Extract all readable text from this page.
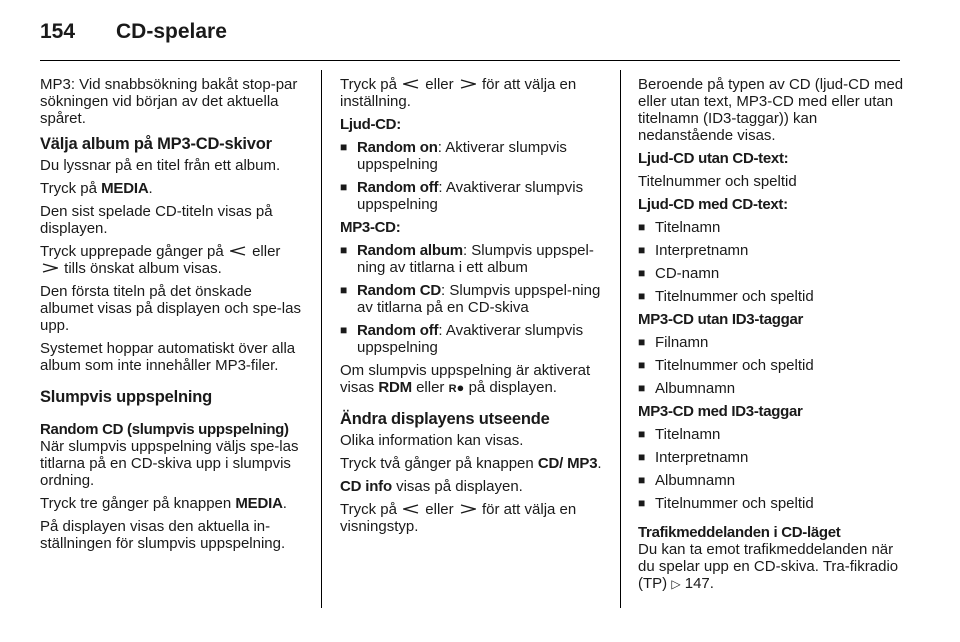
154	CD-spelare

MP3: Vid snabbsökning bakåt stop-par sökningen vid början av det aktuella spåret.

Välja album på MP3-CD-skivor

Du lyssnar på en titel från ett album.

Tryck på MEDIA.

Den sist spelade CD-titeln visas på displayen.

Tryck upprepade gånger på eller
tills önskat album visas.

Den första titeln på det önskade albumet visas på displayen och spe-las upp.

Systemet hoppar automatiskt över alla album som inte innehåller MP3-filer.

Slumpvis uppspelning
Random CD (slumpvis uppspelning)

När slumpvis uppspelning väljs spe-las titlarna på en CD-skiva upp i slumpvis ordning.

Tryck tre gånger på knappen MEDIA.

På displayen visas den aktuella in-ställningen för slumpvis uppspelning.

Tryck på eller för att välja en inställning.

Ljud-CD:
■ Random on: Aktiverar slumpvis uppspelning
■ Random off: Avaktiverar slumpvis uppspelning
MP3-CD:
■ Random album: Slumpvis uppspel-ning av titlarna i ett album
■ Random CD: Slumpvis uppspel-ning av titlarna på en CD-skiva
■ Random off: Avaktiverar slumpvis uppspelning

Om slumpvis uppspelning är aktiverat visas RDM eller R● på displayen.

Ändra displayens utseende

Olika information kan visas.

Tryck två gånger på knappen CD/ MP3.

CD info visas på displayen.

Tryck på eller för att välja en visningstyp.

Beroende på typen av CD (ljud-CD med eller utan text, MP3-CD med eller utan titelnamn (ID3-taggar)) kan nedanstående visas.

Ljud-CD utan CD-text:

Titelnummer och speltid

Ljud-CD med CD-text:
■ Titelnamn
■ Interpretnamn
■ CD-namn
■ Titelnummer och speltid
MP3-CD utan ID3-taggar
■ Filnamn
■ Titelnummer och speltid
■ Albumnamn
MP3-CD med ID3-taggar
■ Titelnamn
■ Interpretnamn
■ Albumnamn
■ Titelnummer och speltid
Trafikmeddelanden i CD-läget

Du kan ta emot trafikmeddelanden när du spelar upp en CD-skiva. Tra-fikradio (TP) ▷ 147.
